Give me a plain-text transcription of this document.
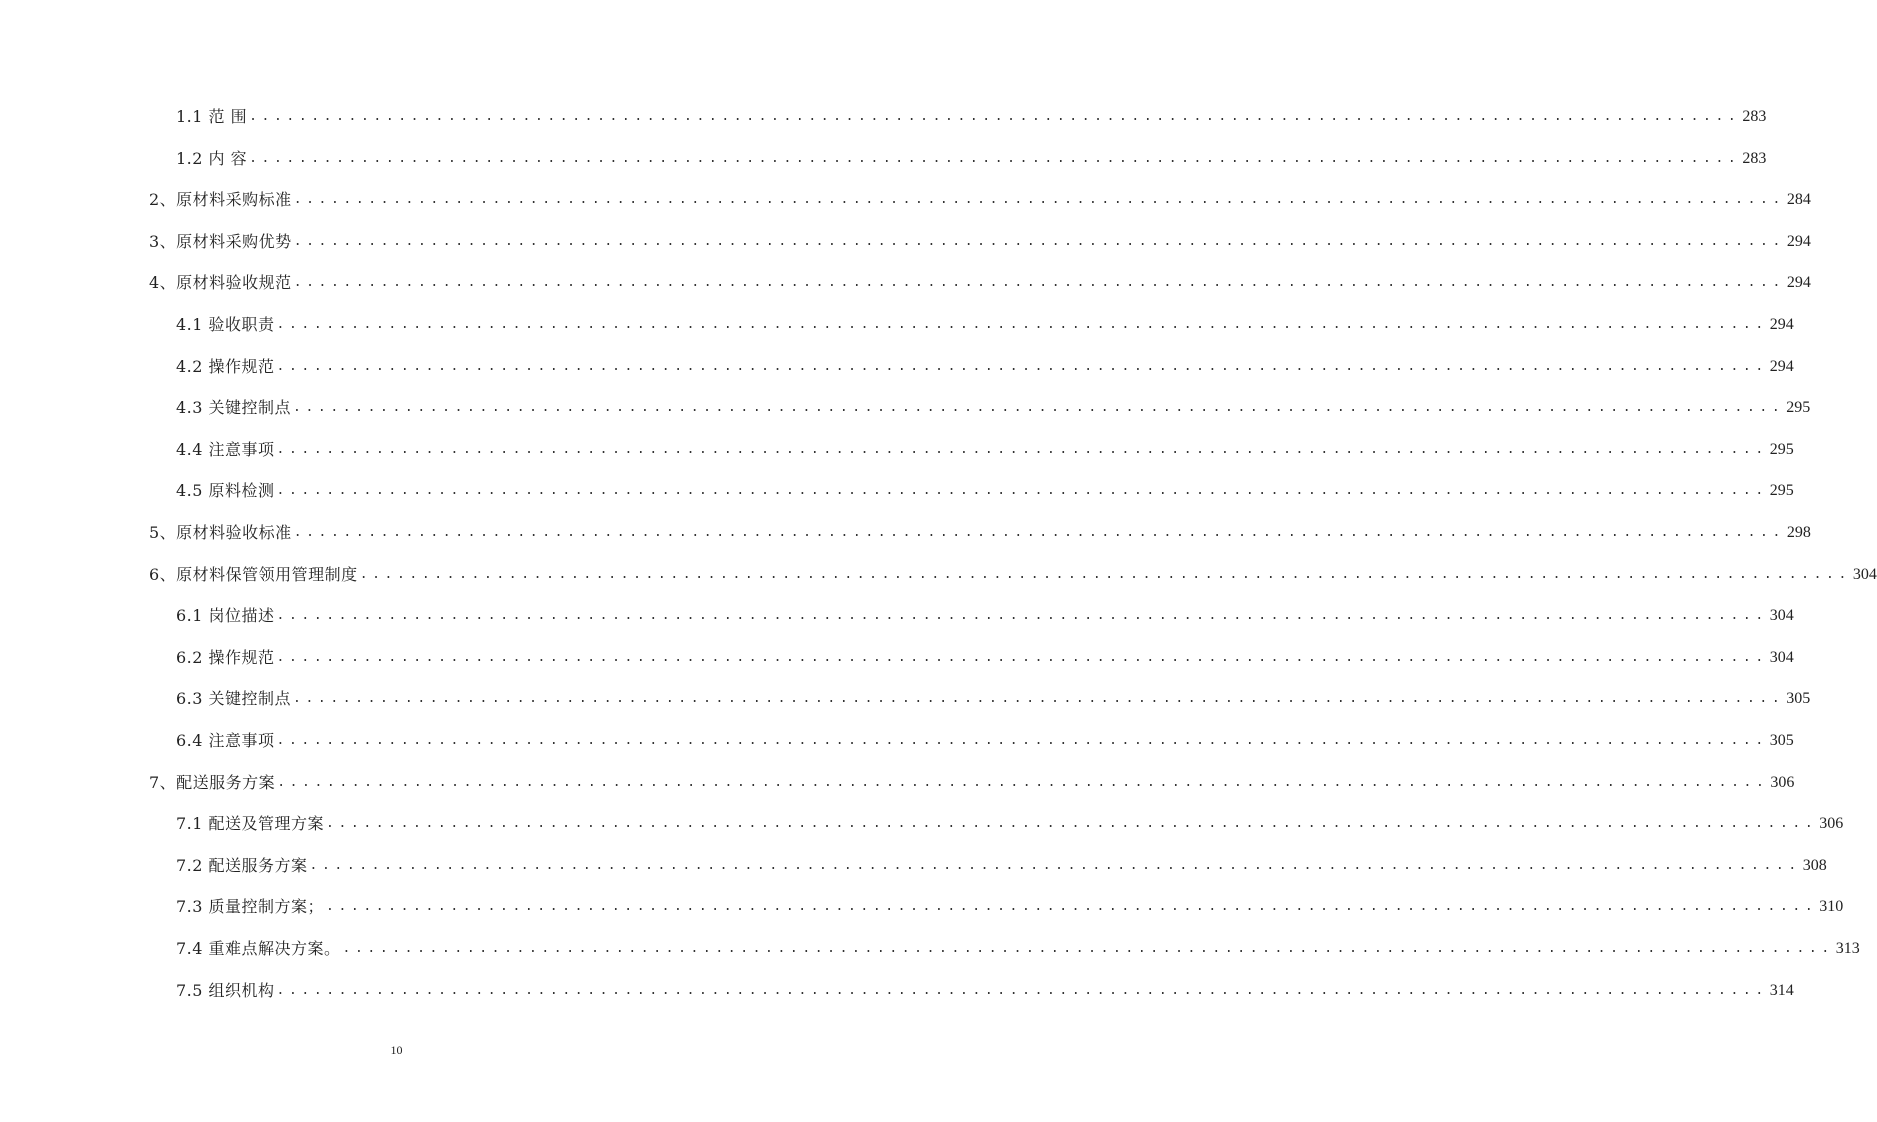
1.1 范 围 ........................................................................................................................ 283
1.2 内 容 ........................................................................................................................ 283
2、原材料采购标准 ........................................................................................................................ 284
3、原材料采购优势 ........................................................................................................................ 294
4、原材料验收规范 ........................................................................................................................ 294
4.1 验收职责 ........................................................................................................................ 294
4.2 操作规范 ........................................................................................................................ 294
4.3 关键控制点 ........................................................................................................................ 295
4.4 注意事项 ........................................................................................................................ 295
4.5 原料检测 ........................................................................................................................ 295
5、原材料验收标准 ........................................................................................................................ 298
6、原材料保管领用管理制度 ........................................................................................................................ 304
6.1 岗位描述 ........................................................................................................................ 304
6.2 操作规范 ........................................................................................................................ 304
6.3 关键控制点 ........................................................................................................................ 305
6.4 注意事项 ........................................................................................................................ 305
7、配送服务方案 ........................................................................................................................ 306
7.1 配送及管理方案 ........................................................................................................................ 306
7.2 配送服务方案 ........................................................................................................................ 308
7.3 质量控制方案； ........................................................................................................................ 310
7.4 重难点解决方案。 ........................................................................................................................ 313
7.5 组织机构 ........................................................................................................................ 314
10
